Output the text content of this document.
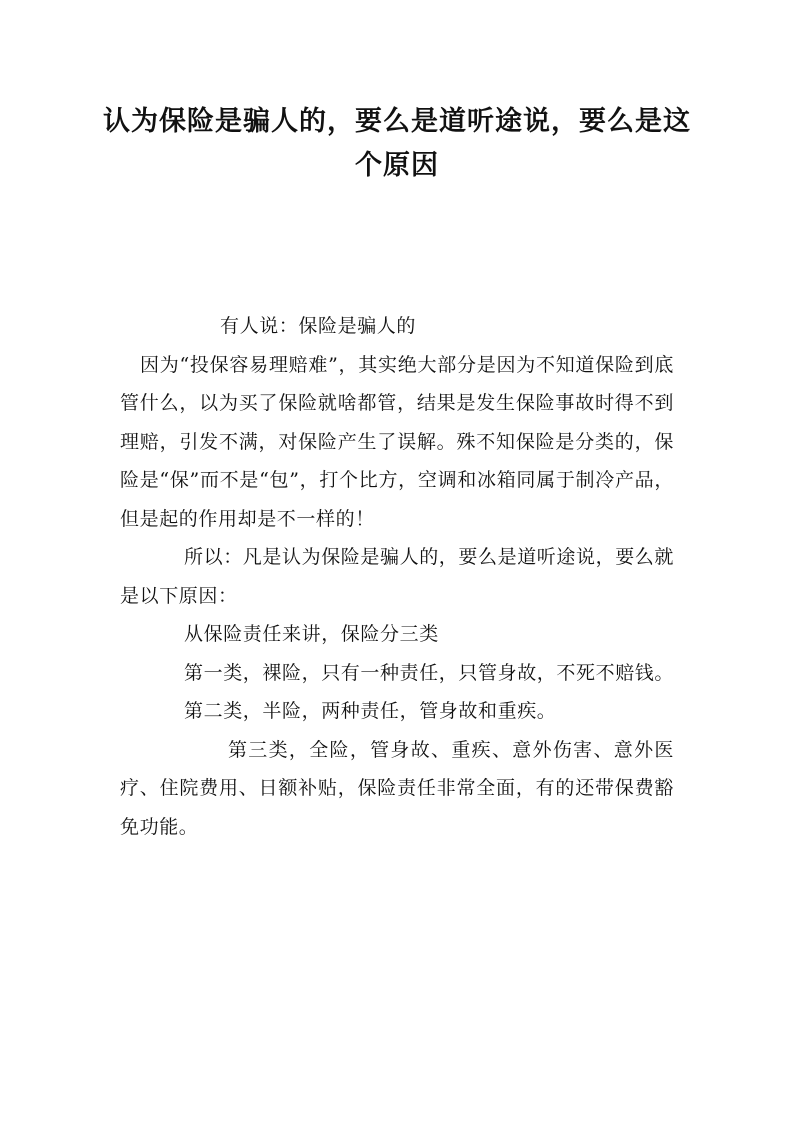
认为保险是骗人的，要么是道听途说，要么是这个原因

有人说：保险是骗人的

因为“投保容易理赔难”，其实绝大部分是因为不知道保险到底管什么，以为买了保险就啥都管，结果是发生保险事故时得不到理赔，引发不满，对保险产生了误解。殊不知保险是分类的，保险是“保”而不是“包”，打个比方，空调和冰箱同属于制冷产品，但是起的作用却是不一样的！

所以：凡是认为保险是骗人的，要么是道听途说，要么就是以下原因：

从保险责任来讲，保险分三类

第一类，裸险，只有一种责任，只管身故，不死不赔钱。

第二类，半险，两种责任，管身故和重疾。

第三类，全险，管身故、重疾、意外伤害、意外医疗、住院费用、日额补贴，保险责任非常全面，有的还带保费豁免功能。
